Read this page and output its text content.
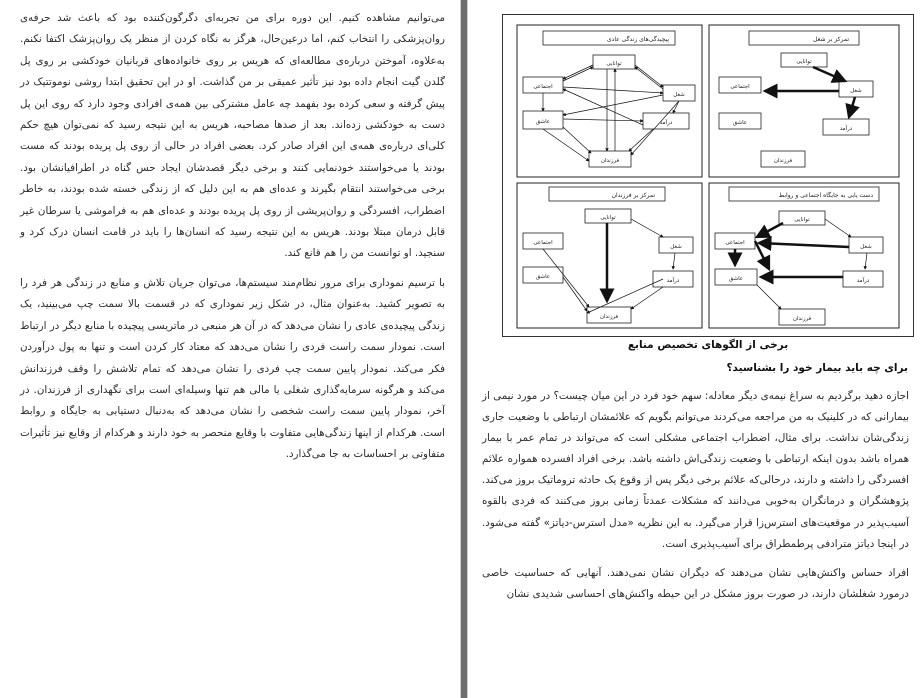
می‌توانیم مشاهده کنیم. این دوره برای من تجربه‌ای دگرگون‌کننده بود که باعث شد حرفه‌ی روان‌پزشکی را انتخاب کنم، اما درعین‌حال، هرگز به نگاه کردن از منظر یک روان‌پزشک اکتفا نکنم. به‌علاوه، آموختن درباره‌ی مطالعه‌ای که هریس بر روی خانواده‌های قربانیان خودکشی بر روی پل گلدن گیت انجام داده بود نیز تأثیر عمیقی بر من گذاشت. او در این تحقیق ابتدا روشی نوموتتیک در پیش گرفته و سعی کرده بود بفهمد چه عامل مشترکی بین همه‌ی افرادی وجود دارد که روی این پل دست به خودکشی زده‌اند. بعد از صدها مصاحبه، هریس به این نتیجه رسید که نمی‌توان هیچ حکم کلی‌ای درباره‌ی همه‌ی این افراد صادر کرد. بعضی افراد در حالی از روی پل پریده بودند که مست بودند یا می‌خواستند خودنمایی کنند و برخی دیگر قصدشان ایجاد حس گناه در اطرافیانشان بود. برخی می‌خواستند انتقام بگیرند و عده‌ای هم به این دلیل که از زندگی خسته شده بودند، به خاطر اضطراب، افسردگی و روان‌پریشی از روی پل پریده بودند و عده‌ای هم به فراموشی یا سرطان غیر قابل درمان مبتلا بودند. هریس به این نتیجه رسید که انسان‌ها را باید در قامت انسان درک کرد و سنجید. او توانست من را هم قانع کند.

با ترسیم نموداری برای مرور نظام‌مند سیستم‌ها، می‌توان جریان تلاش و منابع در زندگی هر فرد را به تصویر کشید. به‌عنوان مثال، در شکل زیر نموداری که در قسمت بالا سمت چپ می‌بینید، یک زندگی پیچیده‌ی عادی را نشان می‌دهد که در آن هر منبعی در ماتریسی پیچیده با منابع دیگر در ارتباط است. نمودار سمت راست فردی را نشان می‌دهد که معتاد کار کردن است و تنها به پول درآوردن فکر می‌کند. نمودار پایین سمت چپ فردی را نشان می‌دهد که تمام تلاشش را وقف فرزندانش می‌کند و هرگونه سرمایه‌گذاری شغلی یا مالی هم تنها وسیله‌ای است برای نگهداری از فرزندان. در آخر، نمودار پایین سمت راست شخصی را نشان می‌دهد که به‌دنبال دستیابی به جایگاه و روابط است. هرکدام از اینها زندگی‌هایی متفاوت با وقایع منحصر به خود دارند و هرکدام از وقایع نیز تأثیرات متفاوتی بر احساسات به جا می‌گذارد.

پیچیدگی‌های زندگی عادی
توانایی
اجتماعی
شغل
عاشق	درآمد
فرزندان
تمرکز بر شغل
توانایی
اجتماعی
شغل
عاشق
درآمد
فرزندان
تمرکز بر فرزندان
توانایی
اجتماعی
شغل
عاشق
درآمد
فرزندان
دست یابی به جایگاه اجتماعی و روابط
توانایی
اجتماعی
شغل
عاشق	درآمد
فرزندان
برخی از الگوهای تخصیص منابع
برای چه باید بیمار خود را بشناسید؟

اجازه دهید برگردیم به سراغ نیمه‌ی دیگر معادله: سهم خود فرد در این میان چیست؟ در مورد نیمی از بیمارانی که در کلینیک به من مراجعه می‌کردند می‌توانم بگویم که علائمشان ارتباطی با وضعیت جاری زندگی‌شان نداشت. برای مثال، اضطراب اجتماعی مشکلی است که می‌تواند در تمام عمر با بیمار همراه باشد بدون اینکه ارتباطی با وضعیت زندگی‌اش داشته باشد. برخی افراد افسرده همواره علائم افسردگی را داشته و دارند، درحالی‌که علائم برخی دیگر پس از وقوع یک حادثه تروماتیک بروز می‌کند. پژوهشگران و درمانگران به‌خوبی می‌دانند که مشکلات عمدتاً زمانی بروز می‌کنند که فردی بالقوه آسیب‌پذیر در موقعیت‌های استرس‌زا قرار می‌گیرد. به این نظریه «مدل استرس-دیاتز» گفته می‌شود. در اینجا دیاتز مترادفی پرطمطراق برای آسیب‌پذیری است.

افراد حساس واکنش‌هایی نشان می‌دهند که دیگران نشان نمی‌دهند. آنهایی که حساسیت خاصی درمورد شغلشان دارند، در صورت بروز مشکل در این حیطه واکنش‌های احساسی شدیدی نشان
